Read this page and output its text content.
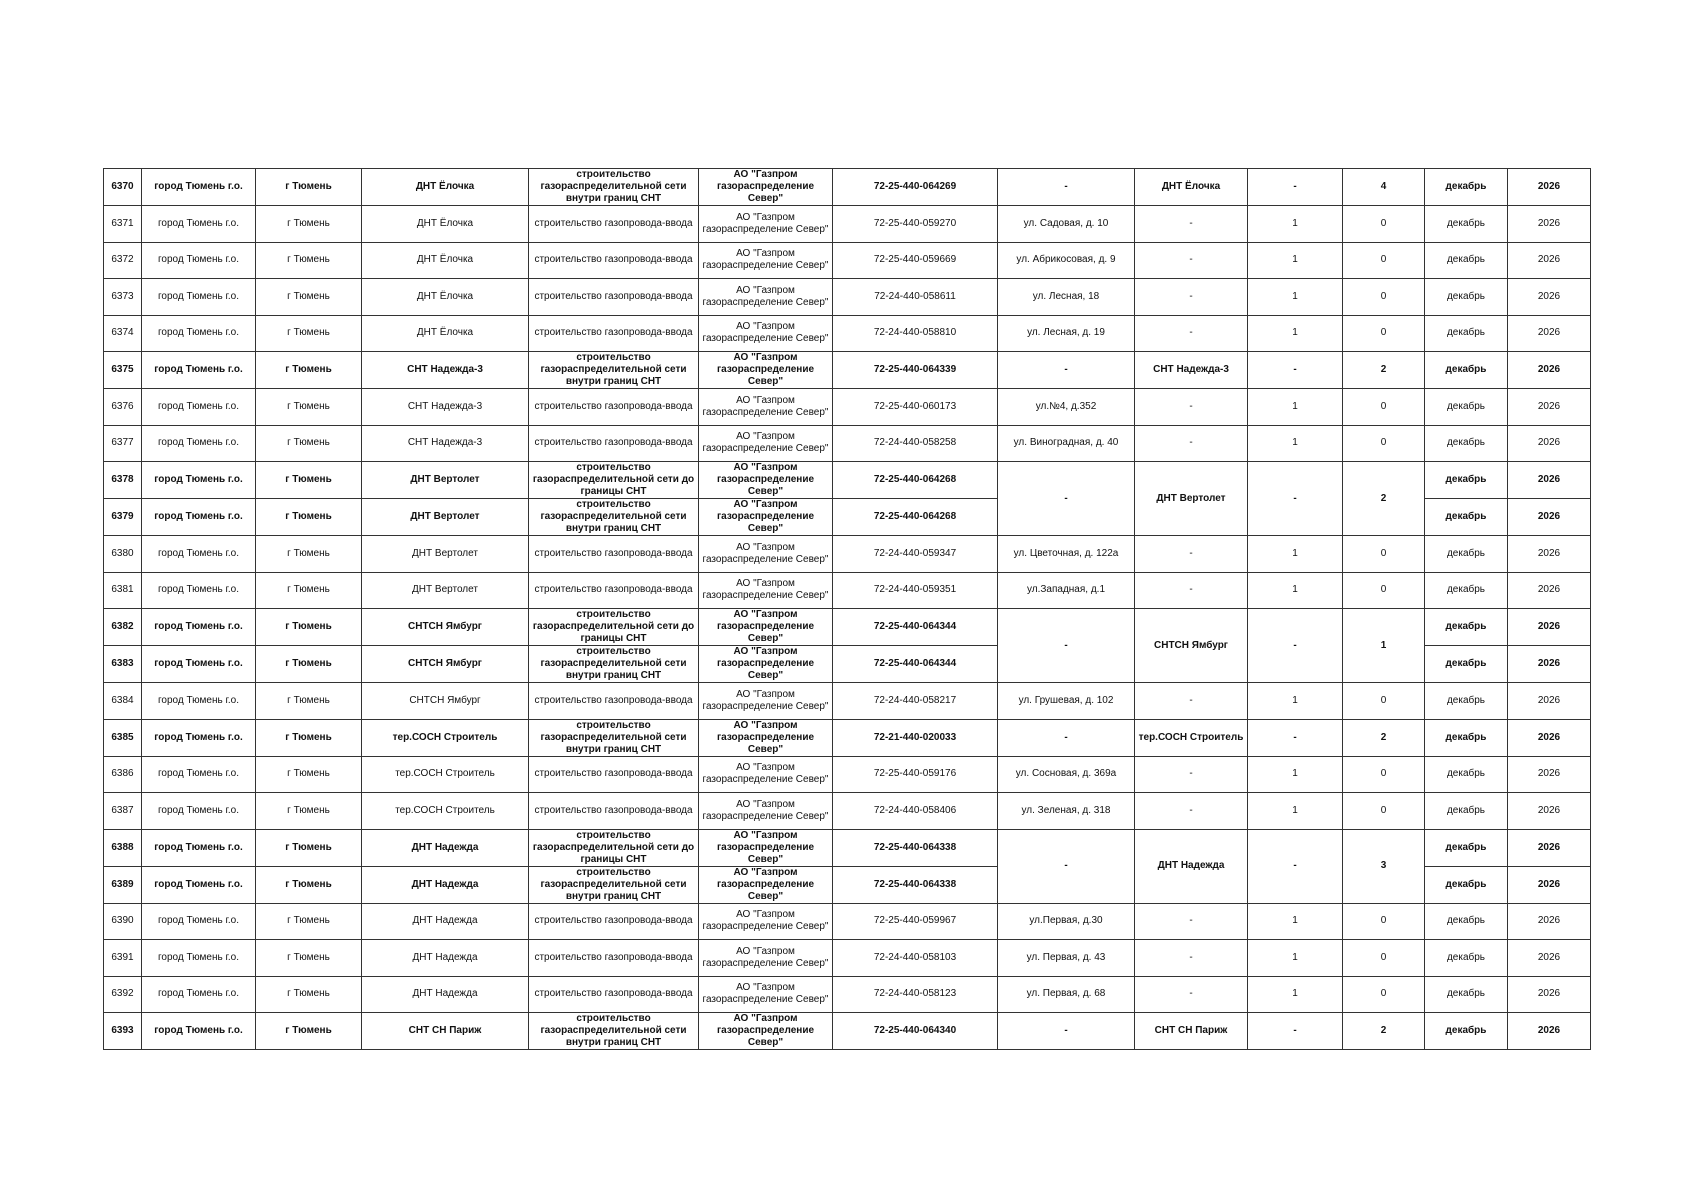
6370	город Тюмень г.о.	г Тюмень	ДНТ Ёлочка	строительство газораспределительной сети внутри границ СНТ	АО "Газпром газораспределение Север"	72-25-440-064269	-	ДНТ Ёлочка	-	4	декабрь	2026
6371	город Тюмень г.о.	г Тюмень	ДНТ Ёлочка	строительство газопровода-ввода	АО "Газпром газораспределение Север"	72-25-440-059270	ул. Садовая, д. 10	-	1	0	декабрь	2026
6372	город Тюмень г.о.	г Тюмень	ДНТ Ёлочка	строительство газопровода-ввода	АО "Газпром газораспределение Север"	72-25-440-059669	ул. Абрикосовая, д. 9	-	1	0	декабрь	2026
6373	город Тюмень г.о.	г Тюмень	ДНТ Ёлочка	строительство газопровода-ввода	АО "Газпром газораспределение Север"	72-24-440-058611	ул. Лесная, 18	-	1	0	декабрь	2026
6374	город Тюмень г.о.	г Тюмень	ДНТ Ёлочка	строительство газопровода-ввода	АО "Газпром газораспределение Север"	72-24-440-058810	ул. Лесная, д. 19	-	1	0	декабрь	2026
6375	город Тюмень г.о.	г Тюмень	СНТ Надежда-3	строительство газораспределительной сети внутри границ СНТ	АО "Газпром газораспределение Север"	72-25-440-064339	-	СНТ Надежда-3	-	2	декабрь	2026
6376	город Тюмень г.о.	г Тюмень	СНТ Надежда-3	строительство газопровода-ввода	АО "Газпром газораспределение Север"	72-25-440-060173	ул.№4, д.352	-	1	0	декабрь	2026
6377	город Тюмень г.о.	г Тюмень	СНТ Надежда-3	строительство газопровода-ввода	АО "Газпром газораспределение Север"	72-24-440-058258	ул. Виноградная, д. 40	-	1	0	декабрь	2026
6378	город Тюмень г.о.	г Тюмень	ДНТ Вертолет	строительство газораспределительной сети до границы СНТ	АО "Газпром газораспределение Север"	72-25-440-064268	-	ДНТ Вертолет	-	2	декабрь	2026
6379	город Тюмень г.о.	г Тюмень	ДНТ Вертолет	строительство газораспределительной сети внутри границ СНТ	АО "Газпром газораспределение Север"	72-25-440-064268					декабрь	2026
6380	город Тюмень г.о.	г Тюмень	ДНТ Вертолет	строительство газопровода-ввода	АО "Газпром газораспределение Север"	72-24-440-059347	ул. Цветочная, д. 122а	-	1	0	декабрь	2026
6381	город Тюмень г.о.	г Тюмень	ДНТ Вертолет	строительство газопровода-ввода	АО "Газпром газораспределение Север"	72-24-440-059351	ул.Западная, д.1	-	1	0	декабрь	2026
6382	город Тюмень г.о.	г Тюмень	СНТСН Ямбург	строительство газораспределительной сети до границы СНТ	АО "Газпром газораспределение Север"	72-25-440-064344	-	СНТСН Ямбург	-	1	декабрь	2026
6383	город Тюмень г.о.	г Тюмень	СНТСН Ямбург	строительство газораспределительной сети внутри границ СНТ	АО "Газпром газораспределение Север"	72-25-440-064344					декабрь	2026
6384	город Тюмень г.о.	г Тюмень	СНТСН Ямбург	строительство газопровода-ввода	АО "Газпром газораспределение Север"	72-24-440-058217	ул. Грушевая, д. 102	-	1	0	декабрь	2026
6385	город Тюмень г.о.	г Тюмень	тер.СОСН Строитель	строительство газораспределительной сети внутри границ СНТ	АО "Газпром газораспределение Север"	72-21-440-020033	-	тер.СОСН Строитель	-	2	декабрь	2026
6386	город Тюмень г.о.	г Тюмень	тер.СОСН Строитель	строительство газопровода-ввода	АО "Газпром газораспределение Север"	72-25-440-059176	ул. Сосновая, д. 369а	-	1	0	декабрь	2026
6387	город Тюмень г.о.	г Тюмень	тер.СОСН Строитель	строительство газопровода-ввода	АО "Газпром газораспределение Север"	72-24-440-058406	ул. Зеленая, д. 318	-	1	0	декабрь	2026
6388	город Тюмень г.о.	г Тюмень	ДНТ Надежда	строительство газораспределительной сети до границы СНТ	АО "Газпром газораспределение Север"	72-25-440-064338	-	ДНТ Надежда	-	3	декабрь	2026
6389	город Тюмень г.о.	г Тюмень	ДНТ Надежда	строительство газораспределительной сети внутри границ СНТ	АО "Газпром газораспределение Север"	72-25-440-064338					декабрь	2026
6390	город Тюмень г.о.	г Тюмень	ДНТ Надежда	строительство газопровода-ввода	АО "Газпром газораспределение Север"	72-25-440-059967	ул.Первая, д.30	-	1	0	декабрь	2026
6391	город Тюмень г.о.	г Тюмень	ДНТ Надежда	строительство газопровода-ввода	АО "Газпром газораспределение Север"	72-24-440-058103	ул. Первая, д. 43	-	1	0	декабрь	2026
6392	город Тюмень г.о.	г Тюмень	ДНТ Надежда	строительство газопровода-ввода	АО "Газпром газораспределение Север"	72-24-440-058123	ул. Первая, д. 68	-	1	0	декабрь	2026
6393	город Тюмень г.о.	г Тюмень	СНТ СН Париж	строительство газораспределительной сети внутри границ СНТ	АО "Газпром газораспределение Север"	72-25-440-064340	-	СНТ СН Париж	-	2	декабрь	2026
